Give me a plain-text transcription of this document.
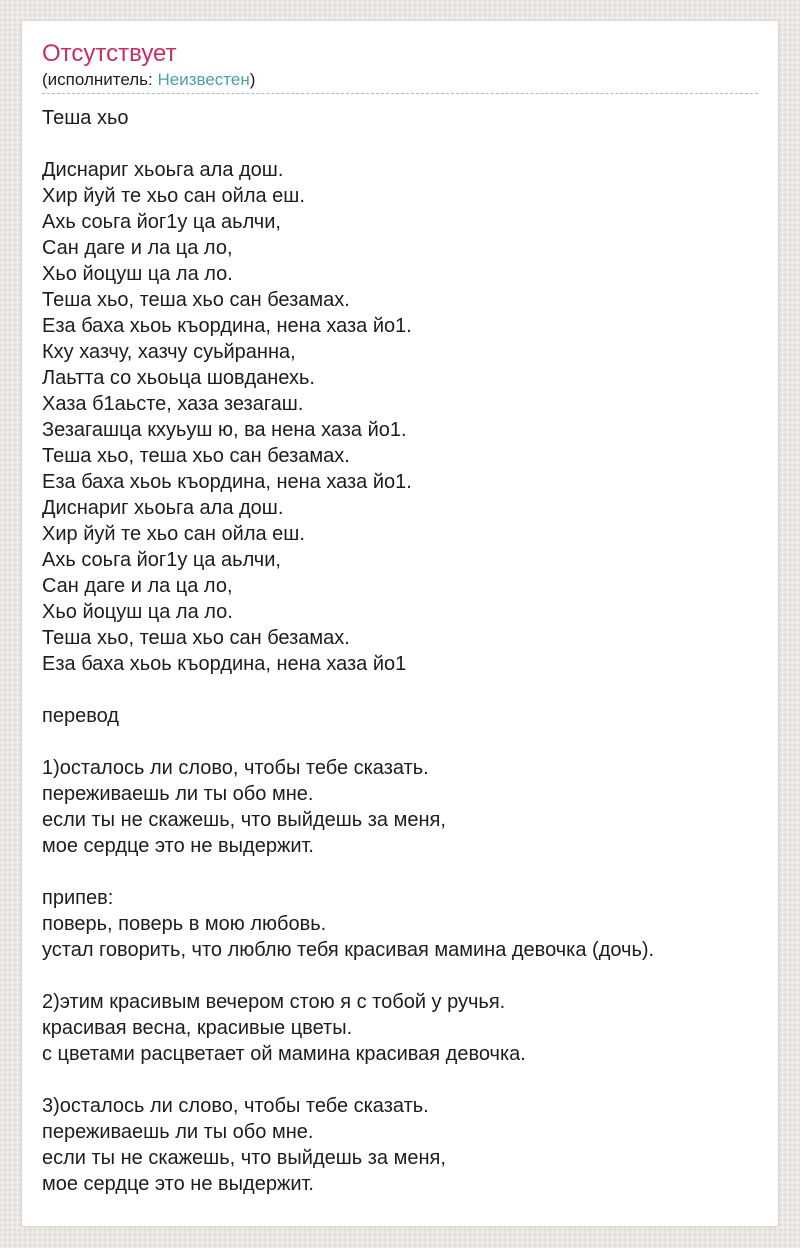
Отсутствует
(исполнитель: Неизвестен)
Теша хьо
Диснариг хьоьга ала дош.
Хир йуй те хьо сан ойла еш.
Ахь соьга йог1у ца аьлчи,
Сан даге и ла ца ло,
Хьо йоцуш ца ла ло.
Теша хьо, теша хьо сан безамах.
Еза баха хьоь къордина, нена хаза йо1.
Кху хазчу, хазчу суьйранна,
Лаьтта со хьоьца шовданехь.
Хаза б1аьсте, хаза зезагаш.
Зезагашца кхуьуш ю, ва нена хаза йо1.
Теша хьо, теша хьо сан безамах.
Еза баха хьоь къордина, нена хаза йо1.
Диснариг хьоьга ала дош.
Хир йуй те хьо сан ойла еш.
Ахь соьга йог1у ца аьлчи,
Сан даге и ла ца ло,
Хьо йоцуш ца ла ло.
Теша хьо, теша хьо сан безамах.
Еза баха хьоь къордина, нена хаза йо1
перевод
1)осталось ли слово, чтобы тебе сказать.
переживаешь ли ты обо мне.
если ты не скажешь, что выйдешь за меня,
мое сердце это не выдержит.
припев:
поверь, поверь в мою любовь.
устал говорить, что люблю тебя красивая мамина девочка (дочь).
2)этим красивым вечером стою я с тобой у ручья.
красивая весна, красивые цветы.
с цветами расцветает ой мамина красивая девочка.
3)осталось ли слово, чтобы тебе сказать.
переживаешь ли ты обо мне.
если ты не скажешь, что выйдешь за меня,
мое сердце это не выдержит.
